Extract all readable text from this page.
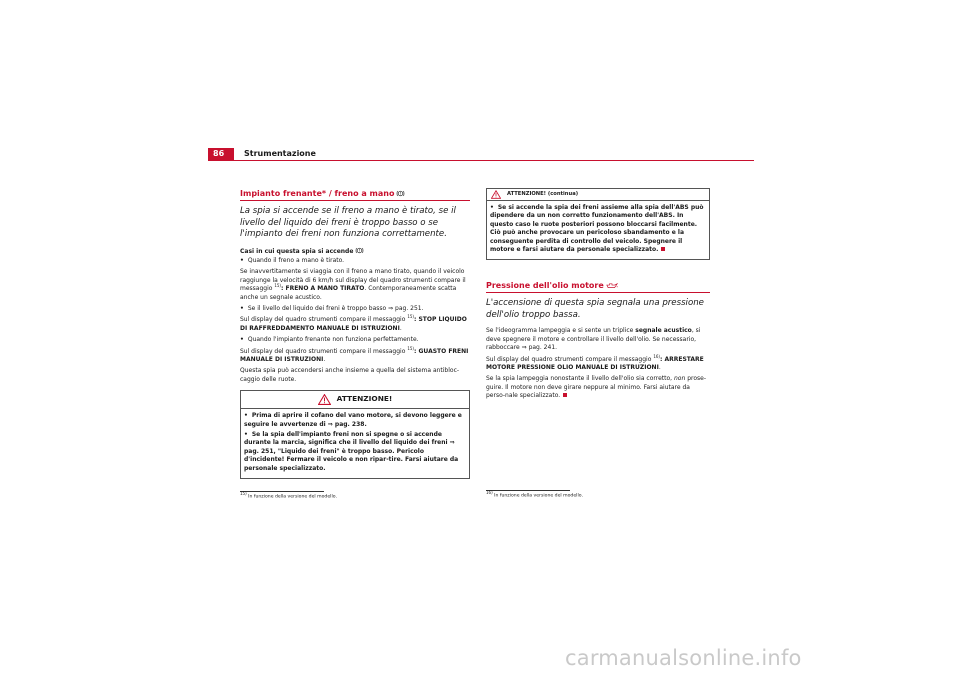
86	Strumentazione
Impianto frenante* / freno a mano !
La spia si accende se il freno a mano è tirato, se il livello del liquido dei freni è troppo basso o se l'impianto dei freni non funziona correttamente.
Casi in cui questa spia si accende !

• Quando il freno a mano è tirato.

Se inavvertitamente si viaggia con il freno a mano tirato, quando il veicolo raggiunge la velocità di 6 km/h sul display del quadro strumenti compare il messaggio $^{15)}$: FRENO A MANO TIRATO. Contemporaneamente scatta anche un segnale acustico.

• Se il livello del liquido dei freni è troppo basso ⇒ pag. 251.

Sul display del quadro strumenti compare il messaggio $^{15)}$: STOP LIQUIDO DI RAFFREDDAMENTO MANUALE DI ISTRUZIONI.

• Quando l'impianto frenante non funziona perfettamente.

Sul display del quadro strumenti compare il messaggio $^{15)}$: GUASTO FRENI MANUALE DI ISTRUZIONI.

Questa spia può accendersi anche insieme a quella del sistema antibloc-caggio delle ruote.

ATTENZIONE!

• Prima di aprire il cofano del vano motore, si devono leggere e seguire le avvertenze di ⇒ pag. 238.

• Se la spia dell'impianto freni non si spegne o si accende durante la marcia, significa che il livello del liquido dei freni ⇒ pag. 251, "Liquido dei freni" è troppo basso. Pericolo d'incidente! Fermare il veicolo e non ripar-tire. Farsi aiutare da personale specializzato.

$^{15)}$ In funzione della versione del modello.
ATTENZIONE! (continua)

• Se si accende la spia dei freni assieme alla spia dell'ABS può dipendere da un non corretto funzionamento dell'ABS. In questo caso le ruote posteriori possono bloccarsi facilmente. Ciò può anche provocare un pericoloso sbandamento e la conseguente perdita di controllo del veicolo. Spegnere il motore e farsi aiutare da personale specializzato.

Pressione dell'olio motore
L'accensione di questa spia segnala una pressione dell'olio troppo bassa.

Se l'ideogramma lampeggia e si sente un triplice segnale acustico, si deve spegnere il motore e controllare il livello dell'olio. Se necessario, rabboccare ⇒ pag. 241.

Sul display del quadro strumenti compare il messaggio $^{16)}$: ARRESTARE MOTORE PRESSIONE OLIO MANUALE DI ISTRUZIONI.

Se la spia lampeggia nonostante il livello dell'olio sia corretto, non prose-guire. Il motore non deve girare neppure al minimo. Farsi aiutare da perso-nale specializzato.

$^{16)}$ In funzione della versione del modello.
carmanualsonline.info
